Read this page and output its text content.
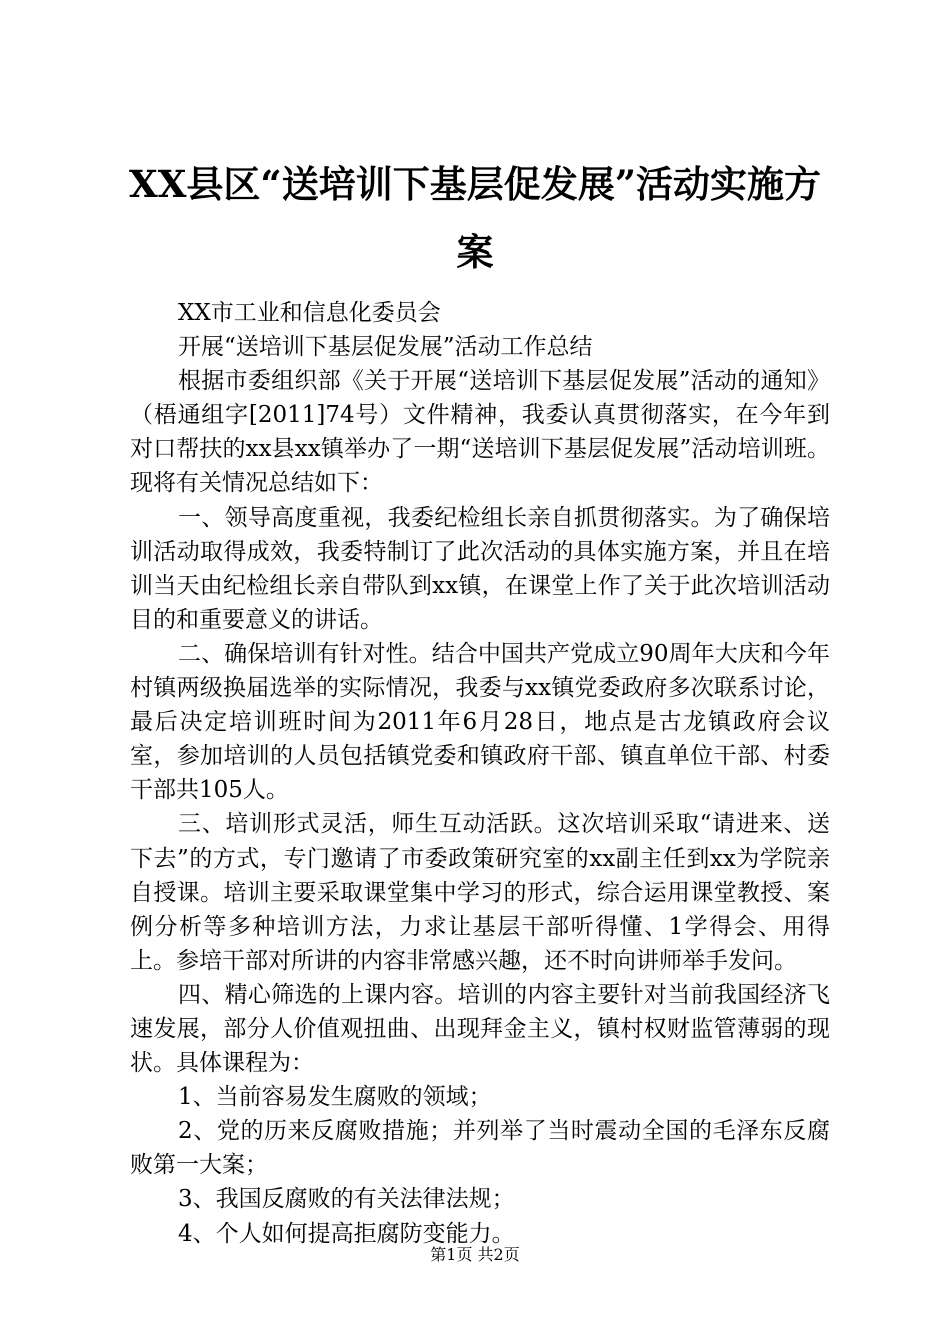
XX县区“送培训下基层促发展”活动实施方案

XX市工业和信息化委员会

开展“送培训下基层促发展”活动工作总结

根据市委组织部《关于开展“送培训下基层促发展”活动的通知》（梧通组字[2011]74号）文件精神，我委认真贯彻落实，在今年到对口帮扶的xx县xx镇举办了一期“送培训下基层促发展”活动培训班。现将有关情况总结如下：

一、领导高度重视，我委纪检组长亲自抓贯彻落实。为了确保培训活动取得成效，我委特制订了此次活动的具体实施方案，并且在培训当天由纪检组长亲自带队到xx镇，在课堂上作了关于此次培训活动目的和重要意义的讲话。

二、确保培训有针对性。结合中国共产党成立90周年大庆和今年村镇两级换届选举的实际情况，我委与xx镇党委政府多次联系讨论，最后决定培训班时间为2011年6月28日，地点是古龙镇政府会议室，参加培训的人员包括镇党委和镇政府干部、镇直单位干部、村委干部共105人。

三、培训形式灵活，师生互动活跃。这次培训采取“请进来、送下去”的方式，专门邀请了市委政策研究室的xx副主任到xx为学院亲自授课。培训主要采取课堂集中学习的形式，综合运用课堂教授、案例分析等多种培训方法，力求让基层干部听得懂、1学得会、用得上。参培干部对所讲的内容非常感兴趣，还不时向讲师举手发问。

四、精心筛选的上课内容。培训的内容主要针对当前我国经济飞速发展，部分人价值观扭曲、出现拜金主义，镇村权财监管薄弱的现状。具体课程为：

1、当前容易发生腐败的领域；

2、党的历来反腐败措施；并列举了当时震动全国的毛泽东反腐败第一大案；

3、我国反腐败的有关法律法规；

4、个人如何提高拒腐防变能力。

第1页 共2页
